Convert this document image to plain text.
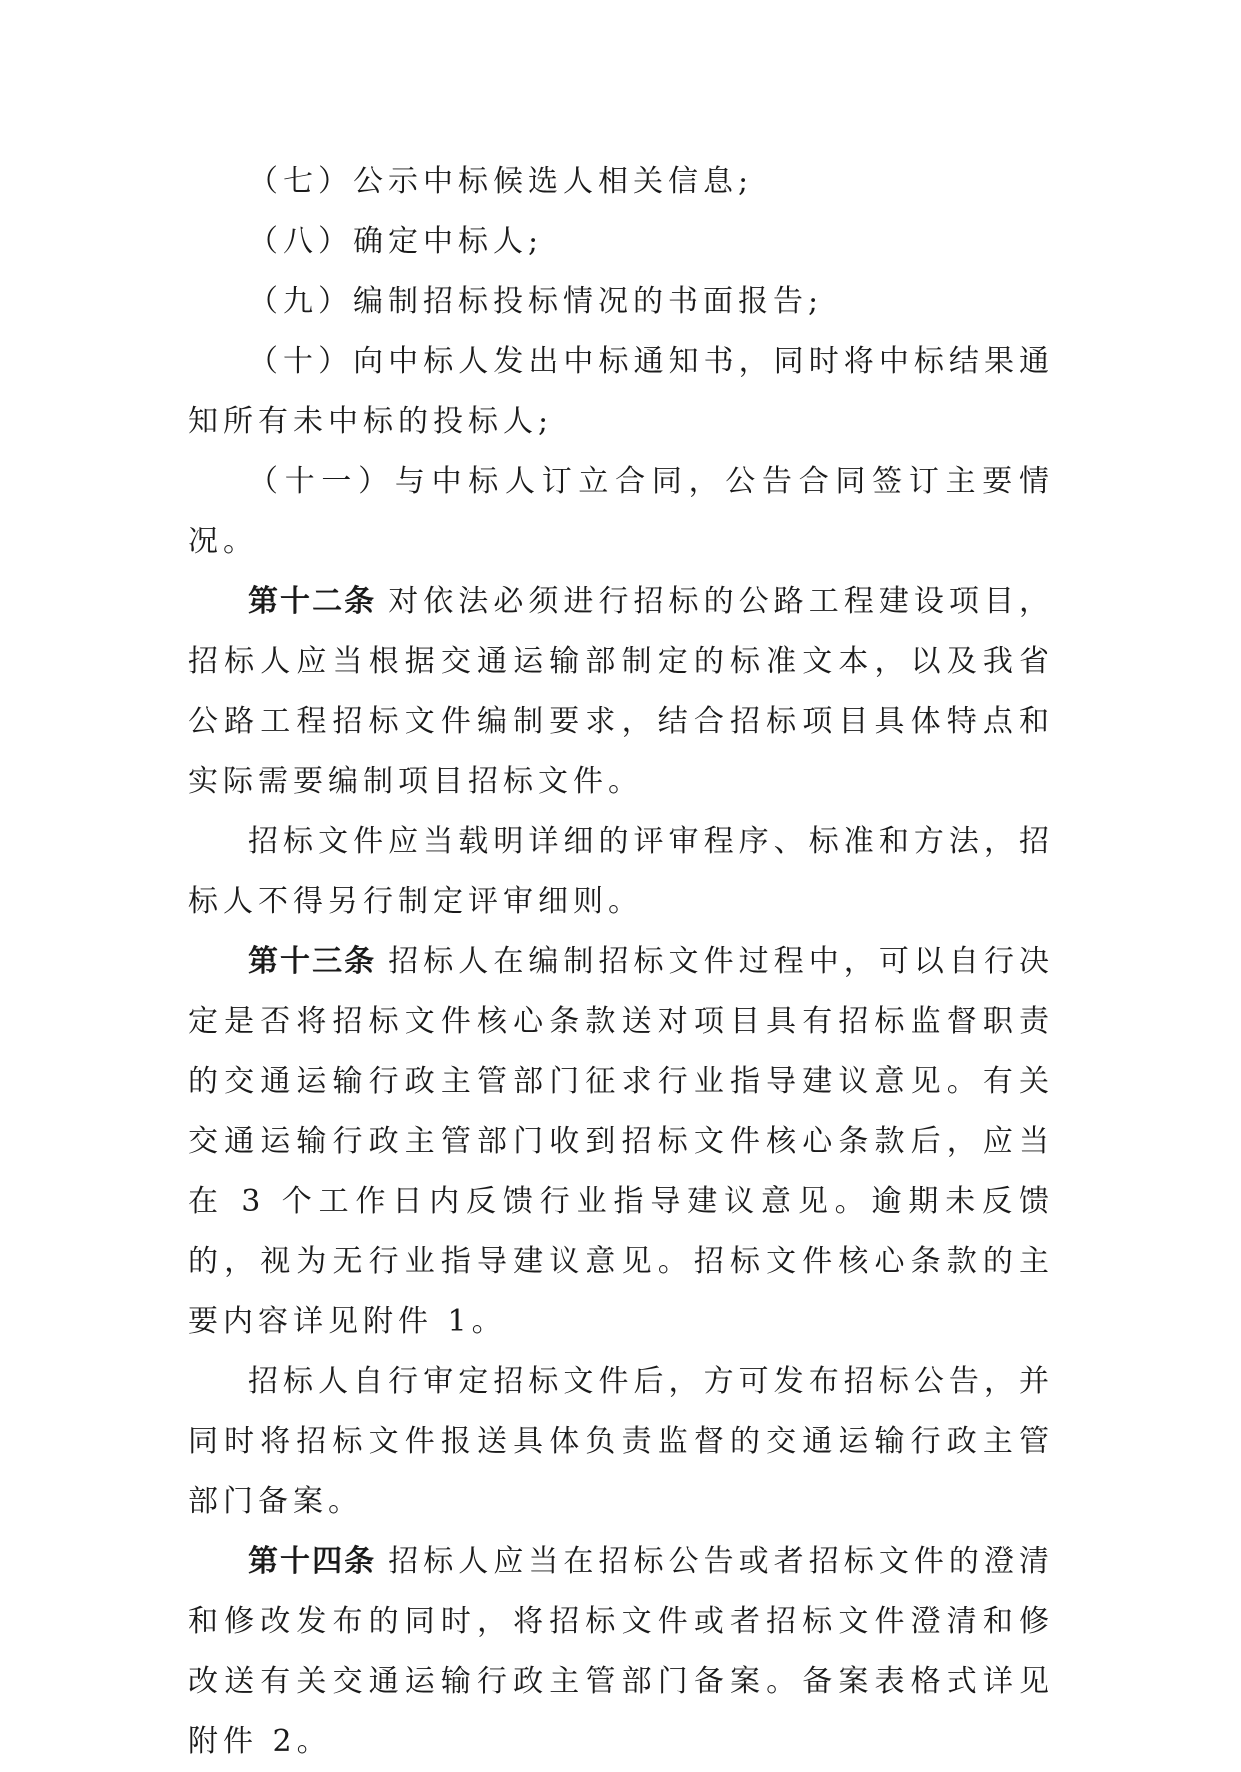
（七）公示中标候选人相关信息;

（八）确定中标人;

（九）编制招标投标情况的书面报告;

（十）向中标人发出中标通知书，同时将中标结果通知所有未中标的投标人;

（十一）与中标人订立合同，公告合同签订主要情况。

第十二条 对依法必须进行招标的公路工程建设项目，招标人应当根据交通运输部制定的标准文本，以及我省公路工程招标文件编制要求，结合招标项目具体特点和实际需要编制项目招标文件。

招标文件应当载明详细的评审程序、标准和方法，招标人不得另行制定评审细则。

第十三条 招标人在编制招标文件过程中，可以自行决定是否将招标文件核心条款送对项目具有招标监督职责的交通运输行政主管部门征求行业指导建议意见。有关交通运输行政主管部门收到招标文件核心条款后，应当在 3 个工作日内反馈行业指导建议意见。逾期未反馈的，视为无行业指导建议意见。招标文件核心条款的主要内容详见附件 1。

招标人自行审定招标文件后，方可发布招标公告，并同时将招标文件报送具体负责监督的交通运输行政主管部门备案。

第十四条 招标人应当在招标公告或者招标文件的澄清和修改发布的同时，将招标文件或者招标文件澄清和修改送有关交通运输行政主管部门备案。备案表格式详见附件 2。
